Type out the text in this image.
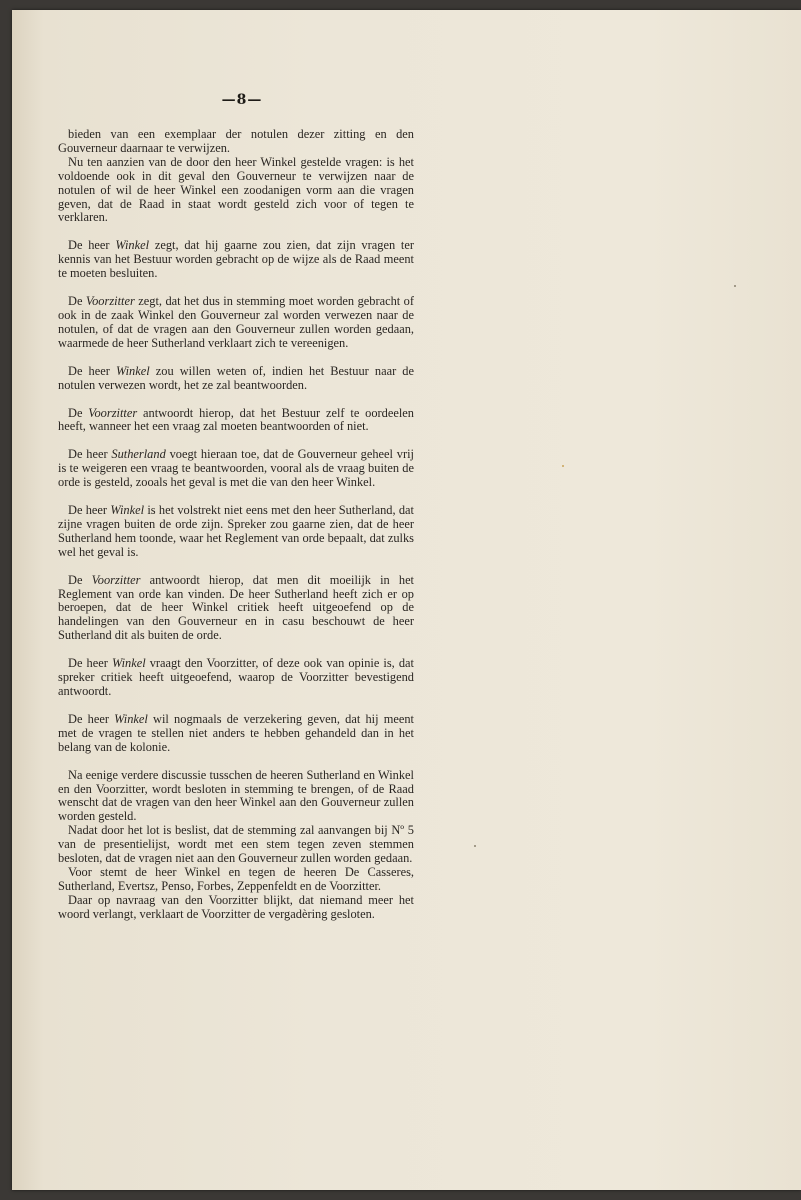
—8—

bieden van een exemplaar der notulen dezer zitting en den Gouverneur daarnaar te verwijzen.

Nu ten aanzien van de door den heer Winkel gestelde vragen: is het voldoende ook in dit geval den Gouverneur te verwijzen naar de notulen of wil de heer Winkel een zoodanigen vorm aan die vragen geven, dat de Raad in staat wordt gesteld zich voor of tegen te verklaren.

De heer Winkel zegt, dat hij gaarne zou zien, dat zijn vragen ter kennis van het Bestuur worden gebracht op de wijze als de Raad meent te moeten besluiten.

De Voorzitter zegt, dat het dus in stemming moet worden gebracht of ook in de zaak Winkel den Gouverneur zal worden verwezen naar de notulen, of dat de vragen aan den Gouverneur zullen worden gedaan, waarmede de heer Sutherland verklaart zich te vereenigen.

De heer Winkel zou willen weten of, indien het Bestuur naar de notulen verwezen wordt, het ze zal beantwoorden.

De Voorzitter antwoordt hierop, dat het Bestuur zelf te oordeelen heeft, wanneer het een vraag zal moeten beantwoorden of niet.

De heer Sutherland voegt hieraan toe, dat de Gouverneur geheel vrij is te weigeren een vraag te beantwoorden, vooral als de vraag buiten de orde is gesteld, zooals het geval is met die van den heer Winkel.

De heer Winkel is het volstrekt niet eens met den heer Sutherland, dat zijne vragen buiten de orde zijn. Spreker zou gaarne zien, dat de heer Sutherland hem toonde, waar het Reglement van orde bepaalt, dat zulks wel het geval is.

De Voorzitter antwoordt hierop, dat men dit moeilijk in het Reglement van orde kan vinden. De heer Sutherland heeft zich er op beroepen, dat de heer Winkel critiek heeft uitgeoefend op de handelingen van den Gouverneur en in casu beschouwt de heer Sutherland dit als buiten de orde.

De heer Winkel vraagt den Voorzitter, of deze ook van opinie is, dat spreker critiek heeft uitgeoefend, waarop de Voorzitter bevestigend antwoordt.

De heer Winkel wil nogmaals de verzekering geven, dat hij meent met de vragen te stellen niet anders te hebben gehandeld dan in het belang van de kolonie.

Na eenige verdere discussie tusschen de heeren Sutherland en Winkel en den Voorzitter, wordt besloten in stemming te brengen, of de Raad wenscht dat de vragen van den heer Winkel aan den Gouverneur zullen worden gesteld.

Nadat door het lot is beslist, dat de stemming zal aanvangen bij Nº 5 van de presentielijst, wordt met een stem tegen zeven stemmen besloten, dat de vragen niet aan den Gouverneur zullen worden gedaan.

Voor stemt de heer Winkel en tegen de heeren De Casseres, Sutherland, Evertsz, Penso, Forbes, Zeppenfeldt en de Voorzitter.

Daar op navraag van den Voorzitter blijkt, dat niemand meer het woord verlangt, verklaart de Voorzitter de vergadèring gesloten.
